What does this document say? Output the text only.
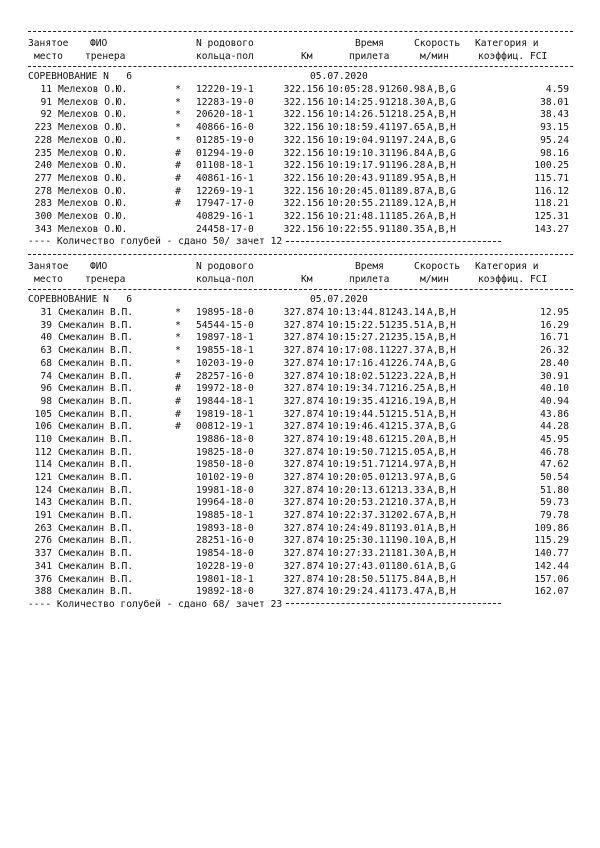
Занятое ФИО	N родового	Время	Скорость Категория и
место тренера	кольца-пол	Км	прилета	м/мин	коэффиц. FCI
СОРЕВНОВАНИЕ N   6	05.07.2020
11 Мелехов О.Ю.	* 12220-19-1	322.156 10:05:28.9 1260.98 A,B,G	4.59
91 Мелехов О.Ю.	* 12283-19-0	322.156 10:14:25.9 1218.30 A,B,G	38.01
92 Мелехов О.Ю.	* 20620-18-1	322.156 10:14:26.5 1218.25 A,B,H	38.43
223 Мелехов О.Ю.	* 40866-16-0	322.156 10:18:59.4 1197.65 A,B,H	93.15
228 Мелехов О.Ю.	* 01285-19-0	322.156 10:19:04.9 1197.24 A,B,G	95.24
235 Мелехов О.Ю.	# 01294-19-0	322.156 10:19:10.3 1196.84 A,B,G	98.16
240 Мелехов О.Ю.	# 01108-18-1	322.156 10:19:17.9 1196.28 A,B,H	100.25
277 Мелехов О.Ю.	# 40861-16-1	322.156 10:20:43.9 1189.95 A,B,H	115.71
278 Мелехов О.Ю.	# 12269-19-1	322.156 10:20:45.0 1189.87 A,B,G	116.12
283 Мелехов О.Ю.	# 17947-17-0	322.156 10:20:55.2 1189.12 A,B,H	118.21
300 Мелехов О.Ю.	40829-16-1	322.156 10:21:48.1 1185.26 A,B,H	125.31
343 Мелехов О.Ю.	24458-17-0	322.156 10:22:55.9 1180.35 A,B,H	143.27
---- Количество голубей - сдано 50/ зачет 12
Занятое ФИО	N родового	Время	Скорость Категория и
место тренера	кольца-пол	Км	прилета	м/мин	коэффиц. FCI
СОРЕВНОВАНИЕ N   6	05.07.2020
31 Смекалин В.П.	* 19895-18-0	327.874 10:13:44.8 1243.14 A,B,H	12.95
39 Смекалин В.П.	* 54544-15-0	327.874 10:15:22.5 1235.51 A,B,H	16.29
40 Смекалин В.П.	* 19897-18-1	327.874 10:15:27.2 1235.15 A,B,H	16.71
63 Смекалин В.П.	* 19855-18-1	327.874 10:17:08.1 1227.37 A,B,H	26.32
68 Смекалин В.П.	* 10203-19-0	327.874 10:17:16.4 1226.74 A,B,G	28.40
74 Смекалин В.П.	# 28257-16-0	327.874 10:18:02.5 1223.22 A,B,H	30.91
96 Смекалин В.П.	# 19972-18-0	327.874 10:19:34.7 1216.25 A,B,H	40.10
98 Смекалин В.П.	# 19844-18-1	327.874 10:19:35.4 1216.19 A,B,H	40.94
105 Смекалин В.П.	# 19819-18-1	327.874 10:19:44.5 1215.51 A,B,H	43.86
106 Смекалин В.П.	# 00812-19-1	327.874 10:19:46.4 1215.37 A,B,G	44.28
110 Смекалин В.П.	19886-18-0	327.874 10:19:48.6 1215.20 A,B,H	45.95
112 Смекалин В.П.	19825-18-0	327.874 10:19:50.7 1215.05 A,B,H	46.78
114 Смекалин В.П.	19850-18-0	327.874 10:19:51.7 1214.97 A,B,H	47.62
121 Смекалин В.П.	10102-19-0	327.874 10:20:05.0 1213.97 A,B,G	50.54
124 Смекалин В.П.	19981-18-0	327.874 10:20:13.6 1213.33 A,B,H	51.80
143 Смекалин В.П.	19964-18-0	327.874 10:20:53.2 1210.37 A,B,H	59.73
191 Смекалин В.П.	19885-18-1	327.874 10:22:37.3 1202.67 A,B,H	79.78
263 Смекалин В.П.	19893-18-0	327.874 10:24:49.8 1193.01 A,B,H	109.86
276 Смекалин В.П.	28251-16-0	327.874 10:25:30.1 1190.10 A,B,H	115.29
337 Смекалин В.П.	19854-18-0	327.874 10:27:33.2 1181.30 A,B,H	140.77
341 Смекалин В.П.	10228-19-0	327.874 10:27:43.0 1180.61 A,B,G	142.44
376 Смекалин В.П.	19801-18-1	327.874 10:28:50.5 1175.84 A,B,H	157.06
388 Смекалин В.П.	19892-18-0	327.874 10:29:24.4 1173.47 A,B,H	162.07
---- Количество голубей - сдано 68/ зачет 23
